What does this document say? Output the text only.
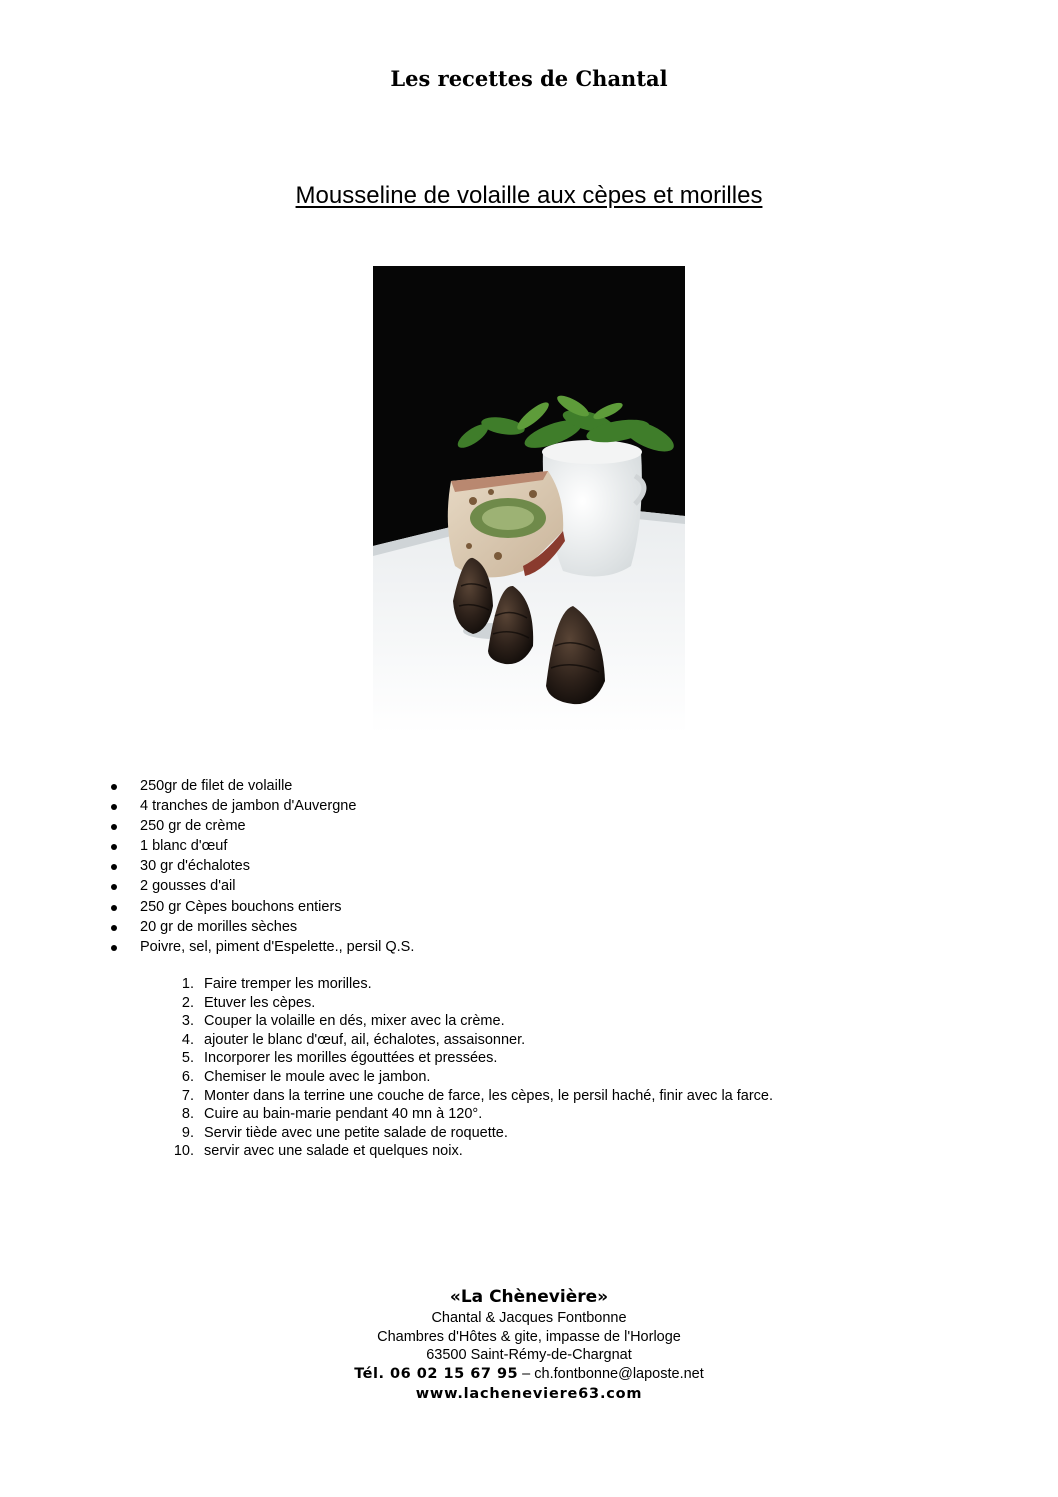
Les recettes de Chantal
Mousseline de volaille aux cèpes et morilles
250gr de filet de volaille
4 tranches de jambon d'Auvergne
250 gr de crème
1 blanc d'œuf
30 gr d'échalotes
2 gousses d'ail
250 gr Cèpes bouchons entiers
20 gr de morilles sèches
Poivre, sel, piment d'Espelette., persil Q.S.
1. Faire tremper les morilles.
2. Etuver les cèpes.
3. Couper la volaille en dés, mixer avec la crème.
4. ajouter le blanc d'œuf, ail, échalotes, assaisonner.
5. Incorporer les morilles égouttées et pressées.
6. Chemiser le moule avec le jambon.
7. Monter dans la terrine une couche de farce, les cèpes, le persil haché, finir avec la farce.
8. Cuire au bain-marie pendant 40 mn à 120°.
9. Servir tiède avec une petite salade de roquette.
10. servir avec une salade et quelques noix.
«La Chènevière»
Chantal & Jacques Fontbonne
Chambres d'Hôtes & gite, impasse de l'Horloge
63500 Saint-Rémy-de-Chargnat
Tél. 06 02 15 67 95 – ch.fontbonne@laposte.net
www.lacheneviere63.com
